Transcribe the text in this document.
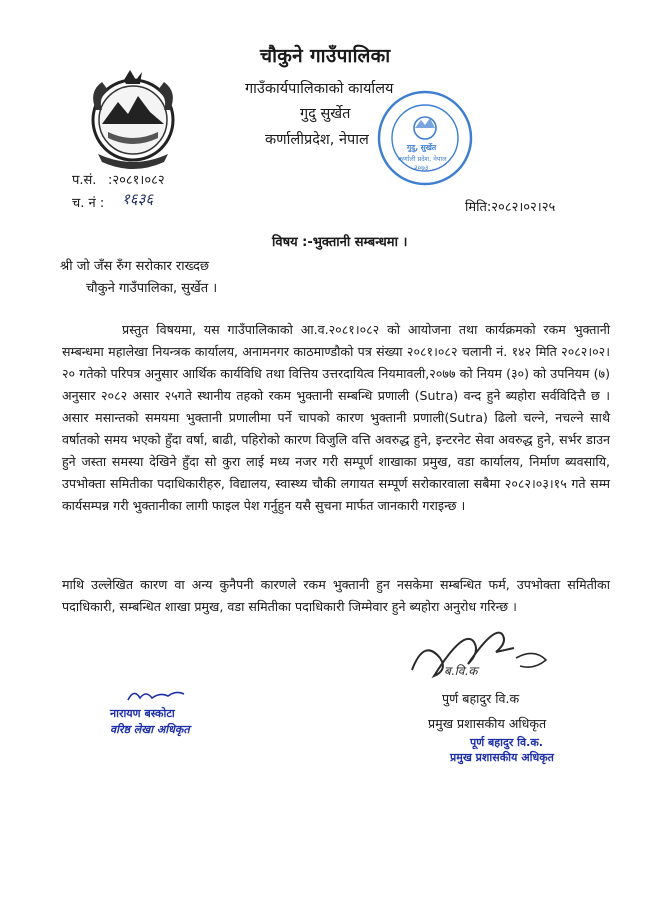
चौकुने गाउँपालिका
गाउँकार्यपालिकाको कार्यालय
गुदु सुर्खेत
कर्णालीप्रदेश, नेपाल	गुदु, सुर्खेत
कर्णाली प्रदेश, नेपाल
२०७३
प.सं. :२०८१।०८२
च. नं : १६३६	मिति:२०८२।०२।२५
विषय :-भुक्तानी सम्बन्धमा ।
श्री जो जँस रुँग सरोकार राख्दछ
चौकुने गाउँपालिका, सुर्खेत ।

प्रस्तुत विषयमा, यस गाउँपालिकाको आ.व.२०८१।०८२ को आयोजना तथा कार्यक्रमको रकम भुक्तानी सम्बन्धमा महालेखा नियन्त्रक कार्यालय, अनामनगर काठमाण्डौको पत्र संख्या २०८१।०८२ चलानी नं. १४२ मिति २०८२।०२।२० गतेको परिपत्र अनुसार आर्थिक कार्यविधि तथा वित्तिय उत्तरदायित्व नियमावली,२०७७ को नियम (३०) को उपनियम (७) अनुसार २०८२ असार २५गते स्थानीय तहको रकम भुक्तानी सम्बन्धि प्रणाली (Sutra) वन्द हुने ब्यहोरा सर्वविदित्तै छ ।असार मसान्तको समयमा भुक्तानी प्रणालीमा पर्ने चापको कारण भुक्तानी प्रणाली(Sutra) ढिलो चल्ने, नचल्ने साथै वर्षातको समय भएको हुँदा वर्षा, बाढी, पहिरोको कारण विजुलि वत्ति अवरुद्ध हुने, इन्टरनेट सेवा अवरुद्ध हुने, सर्भर डाउन हुने जस्ता समस्या देखिने हुँदा सो कुरा लाई मध्य नजर गरी सम्पूर्ण शाखाका प्रमुख, वडा कार्यालय, निर्माण ब्यवसायि, उपभोक्ता समितीका पदाधिकारीहरु, विद्यालय, स्वास्थ्य चौकी लगायत सम्पूर्ण सरोकारवाला सबैमा २०८२।०३।१५ गते सम्म कार्यसम्पन्न गरी भुक्तानीका लागी फाइल पेश गर्नुहुन यसै सुचना मार्फत जानकारी गराइन्छ ।

माथि उल्लेखित कारण वा अन्य कुनैपनी कारणले रकम भुक्तानी हुन नसकेमा सम्बन्धित फर्म, उपभोक्ता समितीका पदाधिकारी, सम्बन्धित शाखा प्रमुख, वडा समितीका पदाधिकारी जिम्मेवार हुने ब्यहोरा अनुरोध गरिन्छ ।

ब.वि.क
नारायण बस्कोटा
वरिष्ठ लेखा अधिकृत
पुर्ण बहादुर वि.क
प्रमुख प्रशासकीय अधिकृत
पूर्ण बहादुर वि.क.
प्रमुख प्रशासकीय अधिकृत
